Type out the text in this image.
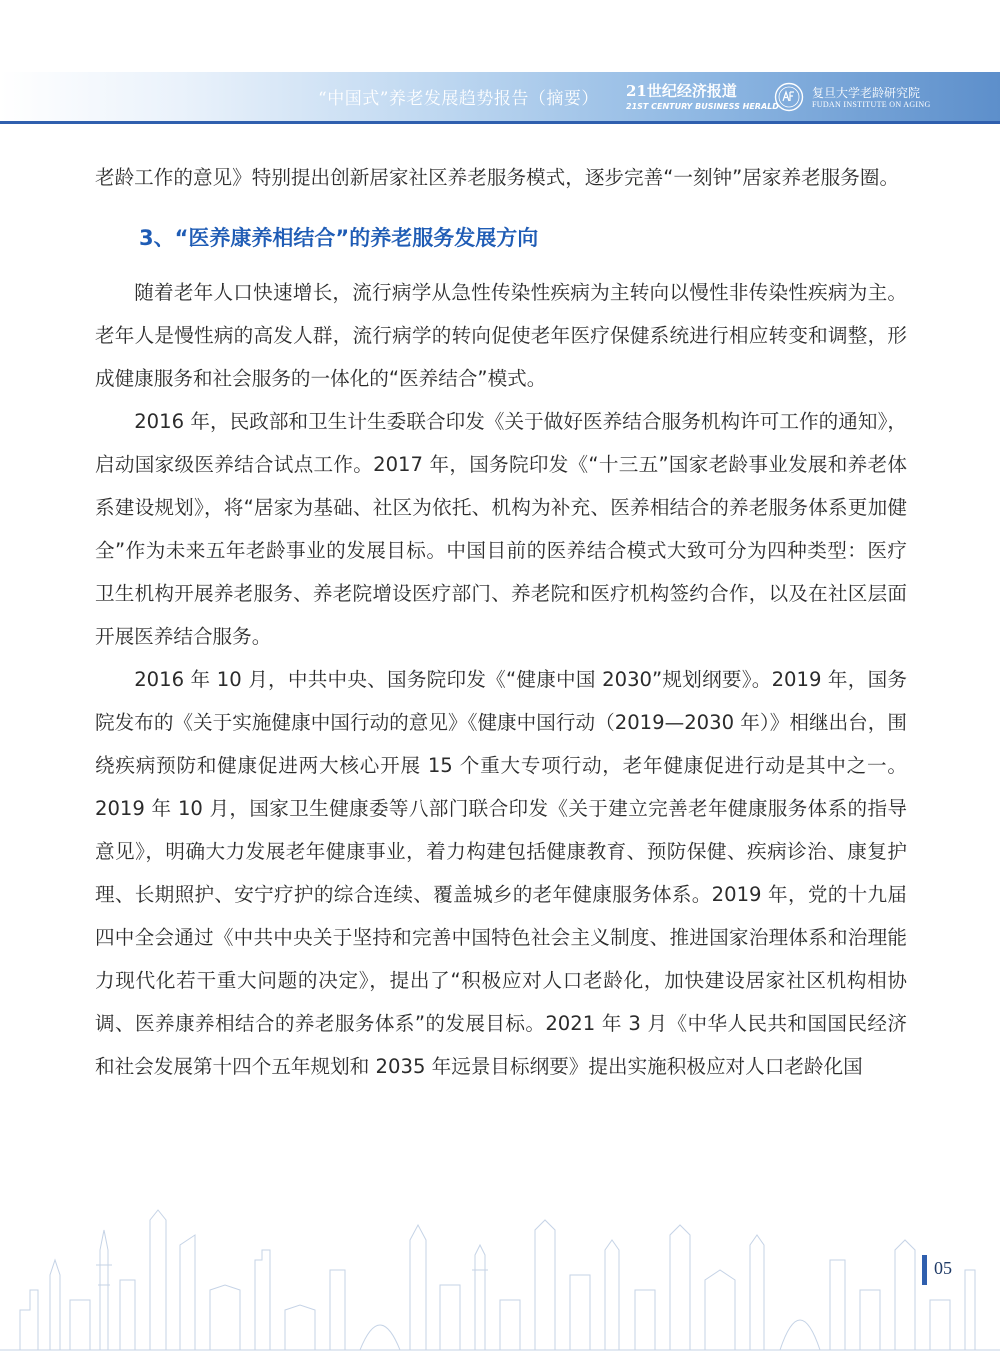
“中国式”养老发展趋势报告（摘要） 21世纪经济报道
21ST CENTURY BUSINESS HERALD
复旦大学老龄研究院
FUDAN INSTITUTE ON AGING

老龄工作的意见》特别提出创新居家社区养老服务模式，逐步完善“一刻钟”居家养老服务圈。

3、“医养康养相结合”的养老服务发展方向

随着老年人口快速增长，流行病学从急性传染性疾病为主转向以慢性非传染性疾病为主。老年人是慢性病的高发人群，流行病学的转向促使老年医疗保健系统进行相应转变和调整，形成健康服务和社会服务的一体化的“医养结合”模式。

2016 年，民政部和卫生计生委联合印发《关于做好医养结合服务机构许可工作的通知》，启动国家级医养结合试点工作。2017 年，国务院印发《“十三五”国家老龄事业发展和养老体系建设规划》，将“居家为基础、社区为依托、机构为补充、医养相结合的养老服务体系更加健全”作为未来五年老龄事业的发展目标。中国目前的医养结合模式大致可分为四种类型：医疗卫生机构开展养老服务、养老院增设医疗部门、养老院和医疗机构签约合作，以及在社区层面开展医养结合服务。

2016 年 10 月，中共中央、国务院印发《“健康中国 2030”规划纲要》。2019 年，国务院发布的《关于实施健康中国行动的意见》《健康中国行动（2019—2030 年）》相继出台，围绕疾病预防和健康促进两大核心开展 15 个重大专项行动，老年健康促进行动是其中之一。2019 年 10 月，国家卫生健康委等八部门联合印发《关于建立完善老年健康服务体系的指导意见》，明确大力发展老年健康事业，着力构建包括健康教育、预防保健、疾病诊治、康复护理、长期照护、安宁疗护的综合连续、覆盖城乡的老年健康服务体系。2019 年，党的十九届四中全会通过《中共中央关于坚持和完善中国特色社会主义制度、推进国家治理体系和治理能力现代化若干重大问题的决定》，提出了“积极应对人口老龄化，加快建设居家社区机构相协调、医养康养相结合的养老服务体系”的发展目标。2021 年 3 月《中华人民共和国国民经济和社会发展第十四个五年规划和 2035 年远景目标纲要》提出实施积极应对人口老龄化国

05
